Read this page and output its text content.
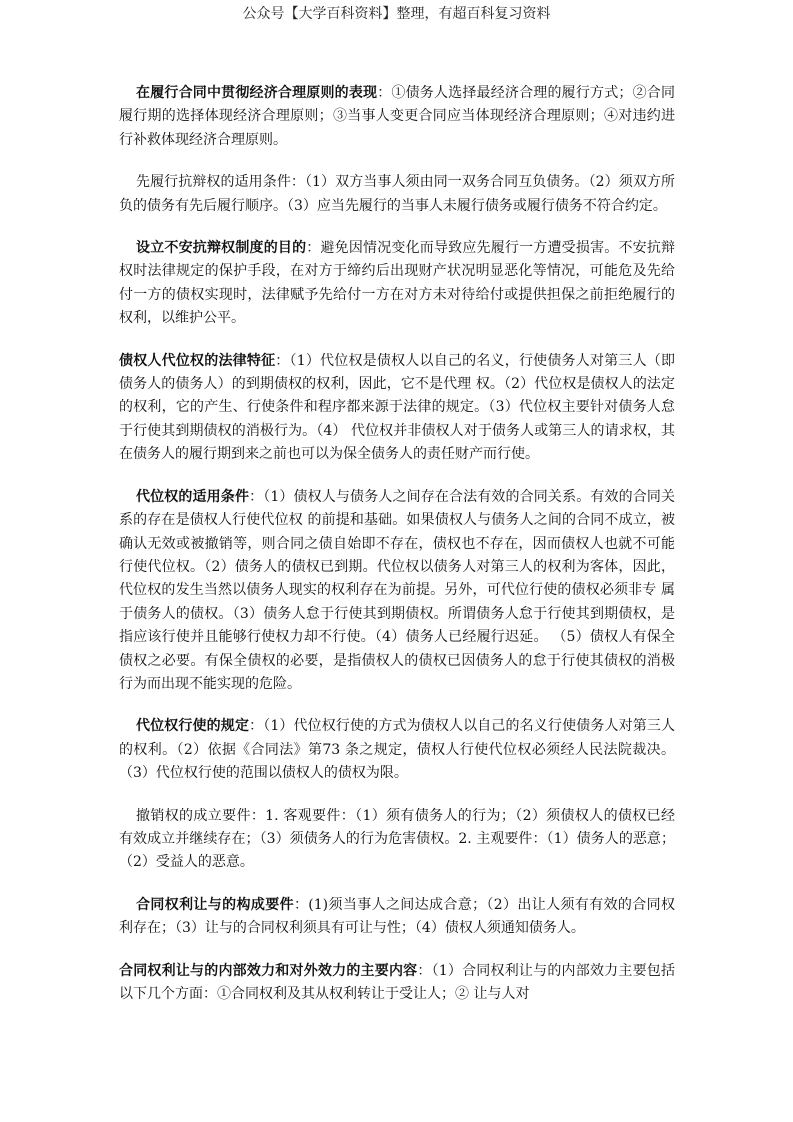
公众号【大学百科资料】整理，有超百科复习资料

在履行合同中贯彻经济合理原则的表现：①债务人选择最经济合理的履行方式；②合同履行期的选择体现经济合理原则；③当事人变更合同应当体现经济合理原则；④对违约进行补救体现经济合理原则。

先履行抗辩权的适用条件：（1）双方当事人须由同一双务合同互负债务。（2）须双方所负的债务有先后履行顺序。（3）应当先履行的当事人未履行债务或履行债务不符合约定。

设立不安抗辩权制度的目的：避免因情况变化而导致应先履行一方遭受损害。不安抗辩权时法律规定的保护手段，在对方于缔约后出现财产状况明显恶化等情况，可能危及先给付一方的债权实现时，法律赋予先给付一方在对方未对待给付或提供担保之前拒绝履行的权利，以维护公平。

债权人代位权的法律特征：（1）代位权是债权人以自己的名义，行使债务人对第三人（即债务人的债务人）的到期债权的权利，因此，它不是代理 权。（2）代位权是债权人的法定的权利，它的产生、行使条件和程序都来源于法律的规定。（3）代位权主要针对债务人怠于行使其到期债权的消极行为。（4） 代位权并非债权人对于债务人或第三人的请求权，其在债务人的履行期到来之前也可以为保全债务人的责任财产而行使。

代位权的适用条件：（1）债权人与债务人之间存在合法有效的合同关系。有效的合同关系的存在是债权人行使代位权 的前提和基础。如果债权人与债务人之间的合同不成立，被确认无效或被撤销等，则合同之债自始即不存在，债权也不存在，因而债权人也就不可能行使代位权。（2）债务人的债权已到期。代位权以债务人对第三人的权利为客体，因此，代位权的发生当然以债务人现实的权利存在为前提。另外，可代位行使的债权必须非专 属于债务人的债权。（3）债务人怠于行使其到期债权。所谓债务人怠于行使其到期债权，是指应该行使并且能够行使权力却不行使。（4）债务人已经履行迟延。 （5）债权人有保全债权之必要。有保全债权的必要，是指债权人的债权已因债务人的怠于行使其债权的消极行为而出现不能实现的危险。

代位权行使的规定：（1）代位权行使的方式为债权人以自己的名义行使债务人对第三人的权利。（2）依据《合同法》第73 条之规定，债权人行使代位权必须经人民法院裁决。（3）代位权行使的范围以债权人的债权为限。

撤销权的成立要件：1. 客观要件：（1）须有债务人的行为；（2）须债权人的债权已经有效成立并继续存在；（3）须债务人的行为危害债权。2. 主观要件：（1）债务人的恶意；（2）受益人的恶意。

合同权利让与的构成要件：(1)须当事人之间达成合意；（2）出让人须有有效的合同权利存在；（3）让与的合同权利须具有可让与性；（4）债权人须通知债务人。

合同权利让与的内部效力和对外效力的主要内容：（1）合同权利让与的内部效力主要包括以下几个方面：①合同权利及其从权利转让于受让人；② 让与人对
